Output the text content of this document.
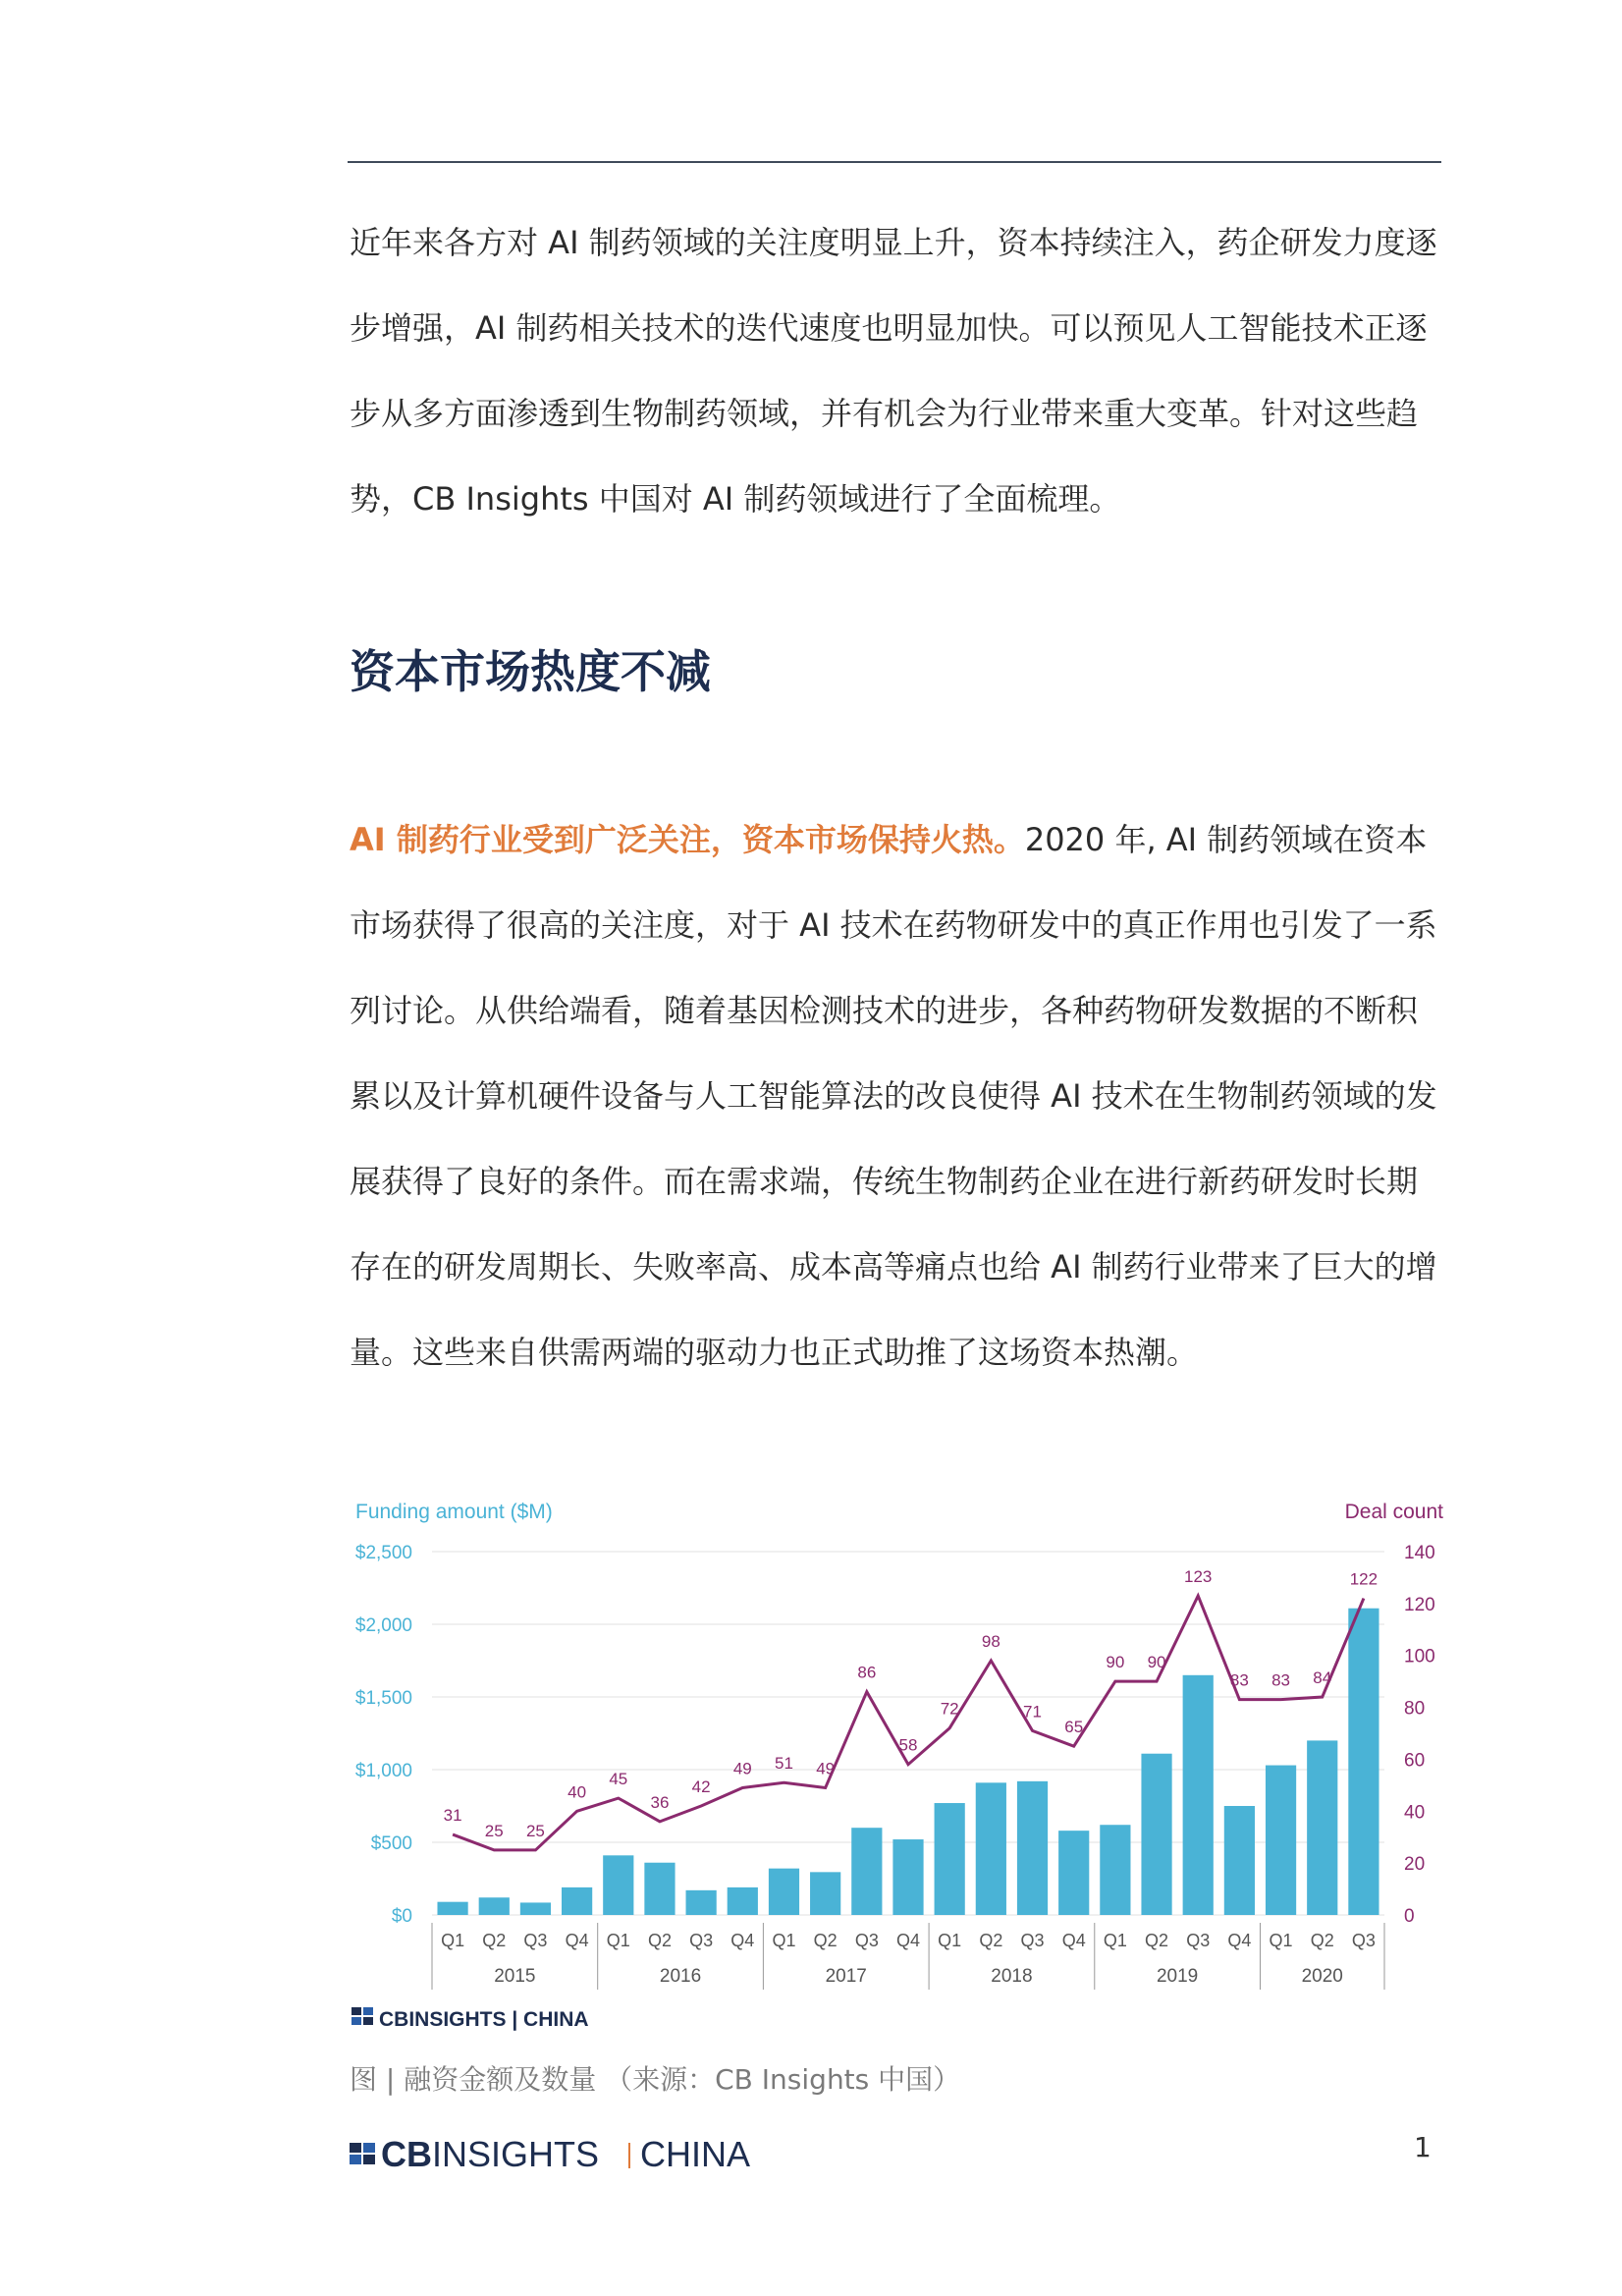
近年来各方对 AI 制药领域的关注度明显上升，资本持续注入，药企研发力度逐步增强，AI 制药相关技术的迭代速度也明显加快。可以预见人工智能技术正逐步从多方面渗透到生物制药领域，并有机会为行业带来重大变革。针对这些趋势，CB Insights 中国对 AI 制药领域进行了全面梳理。

资本市场热度不减

AI 制药行业受到广泛关注，资本市场保持火热。2020 年, AI 制药领域在资本市场获得了很高的关注度，对于 AI 技术在药物研发中的真正作用也引发了一系列讨论。从供给端看，随着基因检测技术的进步，各种药物研发数据的不断积累以及计算机硬件设备与人工智能算法的改良使得 AI 技术在生物制药领域的发展获得了良好的条件。而在需求端，传统生物制药企业在进行新药研发时长期存在的研发周期长、失败率高、成本高等痛点也给 AI 制药行业带来了巨大的增量。这些来自供需两端的驱动力也正式助推了这场资本热潮。

Funding amount ($M)	Deal count
$0
$500
$1,000
$1,500
$2,000
$2,500
0
20
40
60
80
100
120
140
31
25 25
40
45
36
42
49 51 49
86
58
72
98
71
65
90 90
123
83 83 84
122
Q1 Q2 Q3 Q4 Q1 Q2 Q3 Q4 Q1 Q2 Q3 Q4 Q1 Q2 Q3 Q4 Q1 Q2 Q3 Q4 Q1 Q2 Q3
2015	2016	2017	2018	2019	2020
CBINSIGHTS | CHINA
图 | 融资金额及数量 （来源：CB Insights 中国）
CB INSIGHTS CHINA	1
